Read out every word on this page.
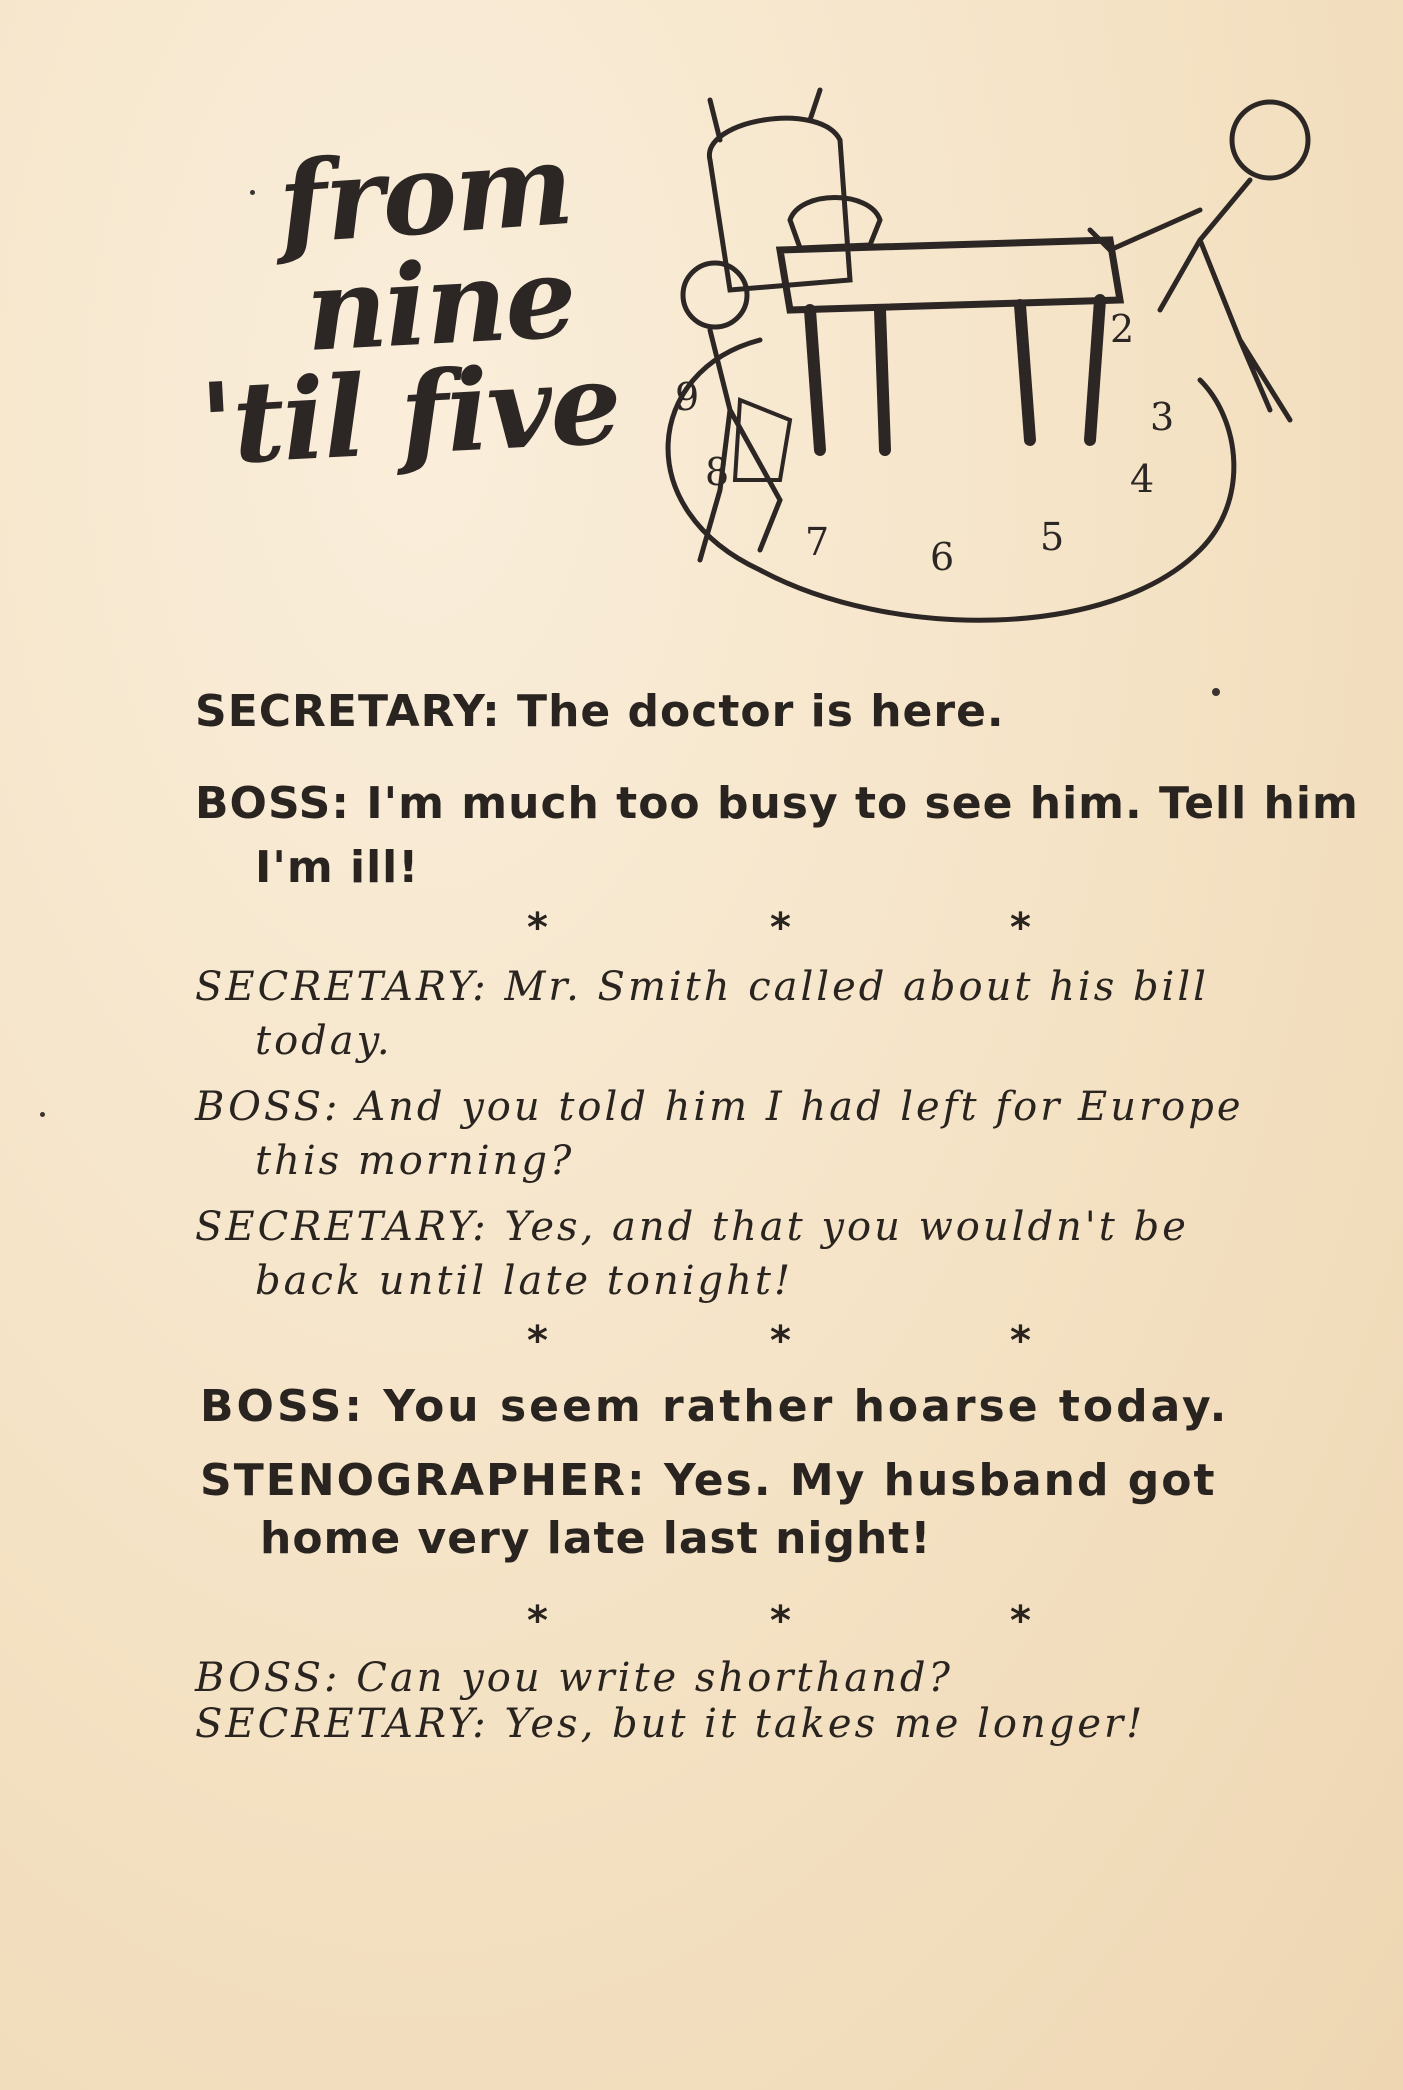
from
nine
'til five
2
3
4
5
6
7
8
9
SECRETARY: The doctor is here.
BOSS: I'm much too busy to see him. Tell him
I'm ill!
*	*	*
SECRETARY: Mr. Smith called about his bill
today.
BOSS: And you told him I had left for Europe
this morning?
SECRETARY: Yes, and that you wouldn't be
back until late tonight!
*	*	*
BOSS: You seem rather hoarse today.
STENOGRAPHER: Yes. My husband got
home very late last night!
*	*	*
BOSS: Can you write shorthand?
SECRETARY: Yes, but it takes me longer!
